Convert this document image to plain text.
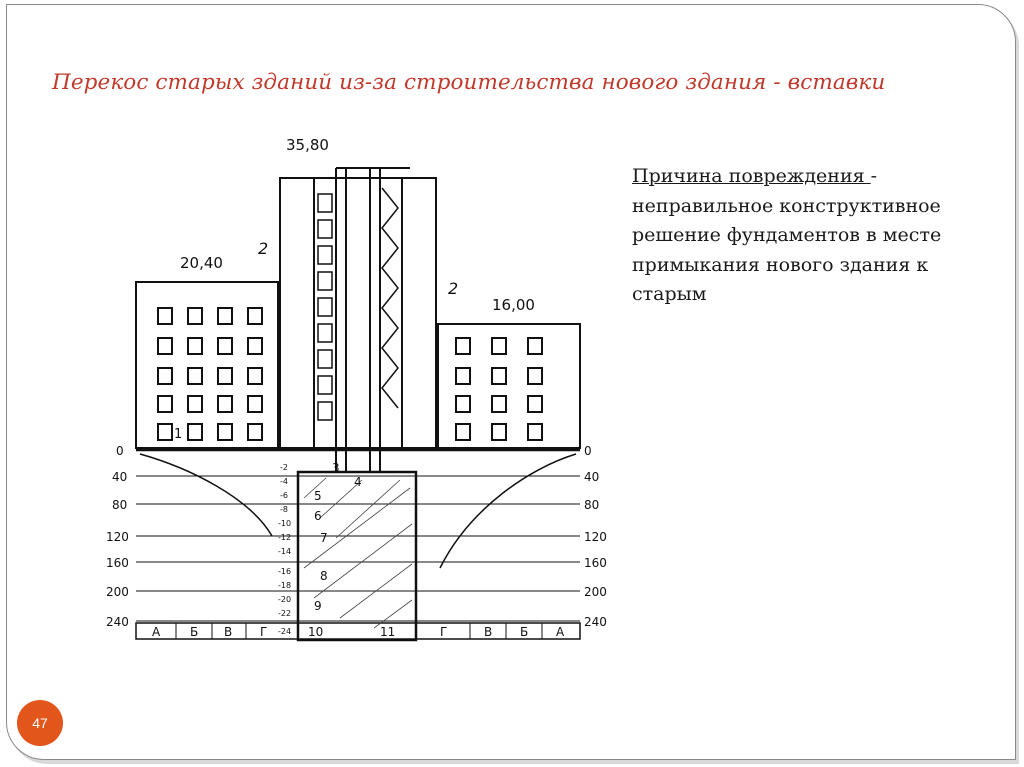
Перекос старых зданий из-за строительства нового здания - вставки
Причина повреждения -
неправильное конструктивное решение фундаментов в месте примыкания нового здания к старым
47
35,80
20,40
16,00
2
2
1
0
40
80
120
160
200
240
0
40
80
120
160
200
240
-2
-4
-6
-8
-10
-12
-14
-16
-18
-20
-22
-24
3
4
5
6
7
8
9
10	11
А Б В Г	Г	В Б А
